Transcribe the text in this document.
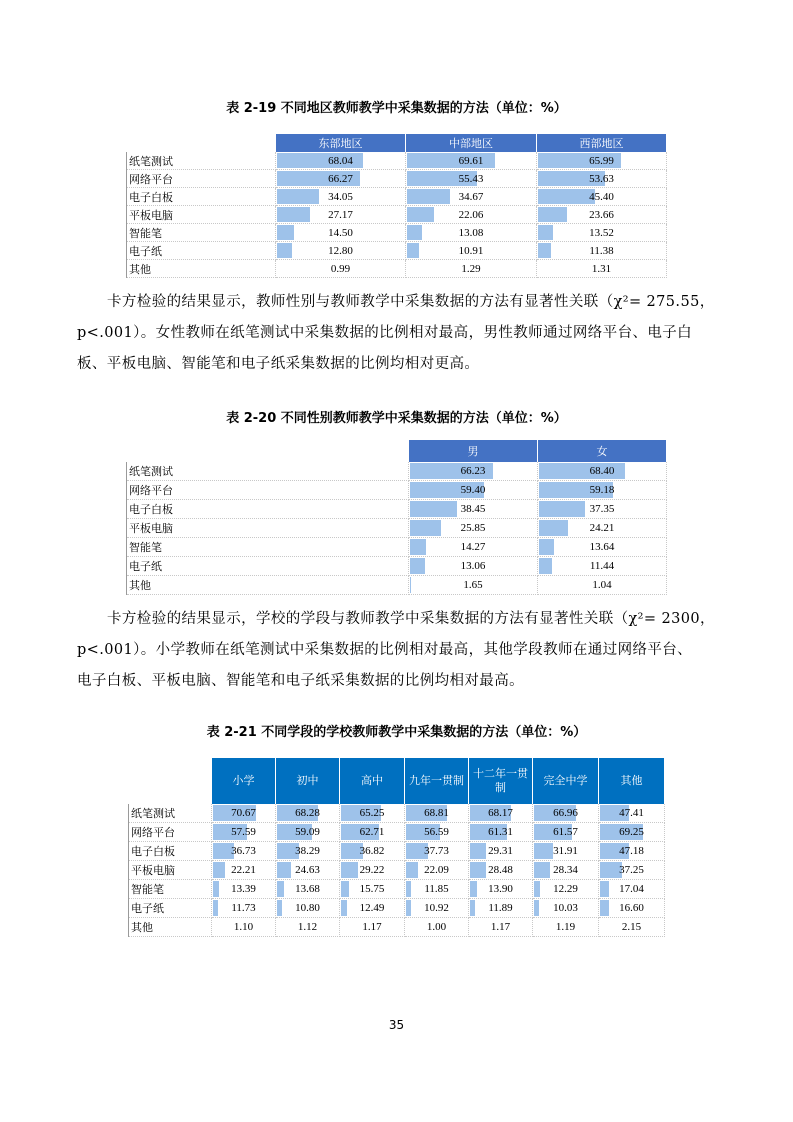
表 2-19 不同地区教师教学中采集数据的方法（单位：%）
	东部地区	中部地区	西部地区
纸笔测试	68.04	69.61	65.99
网络平台	66.27	55.43	53.63
电子白板	34.05	34.67	45.40
平板电脑	27.17	22.06	23.66
智能笔	14.50	13.08	13.52
电子纸	12.80	10.91	11.38
其他	0.99	1.29	1.31

卡方检验的结果显示，教师性别与教师教学中采集数据的方法有显著性关联（χ²= 275.55，

p<.001）。女性教师在纸笔测试中采集数据的比例相对最高，男性教师通过网络平台、电子白

板、平板电脑、智能笔和电子纸采集数据的比例均相对更高。

表 2-20 不同性别教师教学中采集数据的方法（单位：%）
	男	女
纸笔测试	66.23	68.40
网络平台	59.40	59.18
电子白板	38.45	37.35
平板电脑	25.85	24.21
智能笔	14.27	13.64
电子纸	13.06	11.44
其他	1.65	1.04

卡方检验的结果显示，学校的学段与教师教学中采集数据的方法有显著性关联（χ²= 2300，

p<.001）。小学教师在纸笔测试中采集数据的比例相对最高，其他学段教师在通过网络平台、

电子白板、平板电脑、智能笔和电子纸采集数据的比例均相对最高。

表 2-21 不同学段的学校教师教学中采集数据的方法（单位：%）
	小学	初中	高中	九年一贯制	十二年一贯制	完全中学	其他
纸笔测试	70.67	68.28	65.25	68.81	68.17	66.96	47.41
网络平台	57.59	59.09	62.71	56.59	61.31	61.57	69.25
电子白板	36.73	38.29	36.82	37.73	29.31	31.91	47.18
平板电脑	22.21	24.63	29.22	22.09	28.48	28.34	37.25
智能笔	13.39	13.68	15.75	11.85	13.90	12.29	17.04
电子纸	11.73	10.80	12.49	10.92	11.89	10.03	16.60
其他	1.10	1.12	1.17	1.00	1.17	1.19	2.15
35
